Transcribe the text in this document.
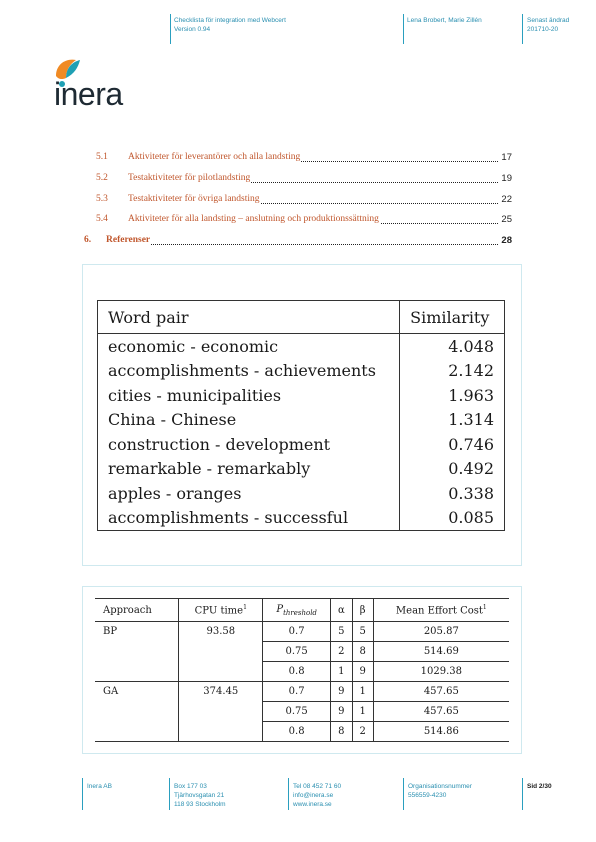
Checklista för integration med Webcert
Version 0.94
Lena Brobert, Marie Zillén	Senast ändrad
201710-20
inera
5.1 Aktiviteter för leverantörer och alla landsting	17
5.2 Testaktiviteter för pilotlandsting	19
5.3 Testaktiviteter för övriga landsting	22
5.4 Aktiviteter för alla landsting – anslutning och produktionssättning	25
6. Referenser	28
Word pair	Similarity
economic - economic	4.048
accomplishments - achievements	2.142
cities - municipalities	1.963
China - Chinese	1.314
construction - development	0.746
remarkable - remarkably	0.492
apples - oranges	0.338
accomplishments - successful	0.085
Approach	CPU time$^1$	$P_{threshold}$	α	β	Mean Effort Cost$^1$
BP	93.58	0.7	5	5	205.87
		0.75	2	8	514.69
		0.8	1	9	1029.38
GA	374.45	0.7	9	1	457.65
		0.75	9	1	457.65
		0.8	8	2	514.86
Inera AB	Box 177 03
Tjärhovsgatan 21
118 93 Stockholm
Tel 08 452 71 60
info@inera.se
www.inera.se
Organisationsnummer
556559-4230
Sid 2/30
